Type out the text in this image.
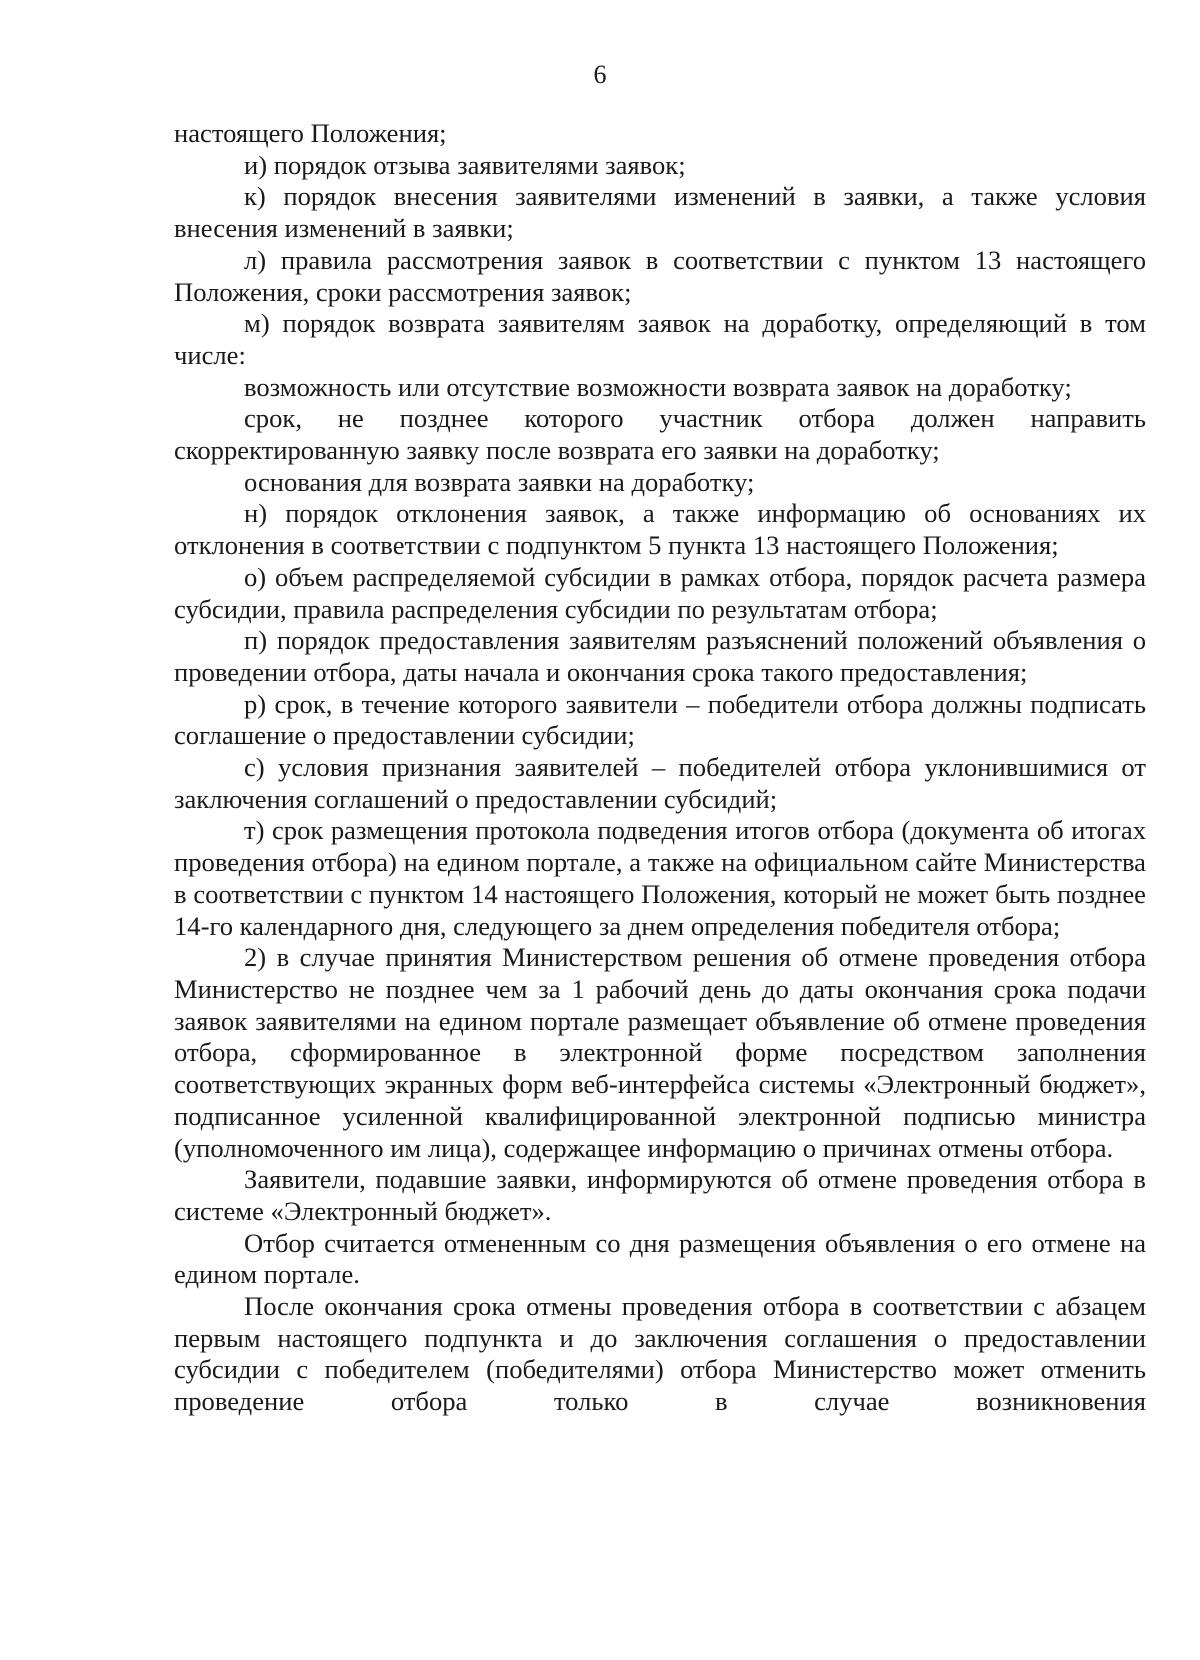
6

настоящего Положения;

и) порядок отзыва заявителями заявок;

к) порядок внесения заявителями изменений в заявки, а также условия внесения изменений в заявки;

л) правила рассмотрения заявок в соответствии с пунктом 13 настоящего Положения, сроки рассмотрения заявок;

м) порядок возврата заявителям заявок на доработку, определяющий в том числе:

возможность или отсутствие возможности возврата заявок на доработку;

срок, не позднее которого участник отбора должен направить скорректированную заявку после возврата его заявки на доработку;

основания для возврата заявки на доработку;

н) порядок отклонения заявок, а также информацию об основаниях их отклонения в соответствии с подпунктом 5 пункта 13 настоящего Положения;

о) объем распределяемой субсидии в рамках отбора, порядок расчета размера субсидии, правила распределения субсидии по результатам отбора;

п) порядок предоставления заявителям разъяснений положений объявления о проведении отбора, даты начала и окончания срока такого предоставления;

р) срок, в течение которого заявители – победители отбора должны подписать соглашение о предоставлении субсидии;

с) условия признания заявителей – победителей отбора уклонившимися от заключения соглашений о предоставлении субсидий;

т) срок размещения протокола подведения итогов отбора (документа об итогах проведения отбора) на едином портале, а также на официальном сайте Министерства в соответствии с пунктом 14 настоящего Положения, который не может быть позднее 14-го календарного дня, следующего за днем определения победителя отбора;

2) в случае принятия Министерством решения об отмене проведения отбора Министерство не позднее чем за 1 рабочий день до даты окончания срока подачи заявок заявителями на едином портале размещает объявление об отмене проведения отбора, сформированное в электронной форме посредством заполнения соответствующих экранных форм веб-интерфейса системы «Электронный бюджет», подписанное усиленной квалифицированной электронной подписью министра (уполномоченного им лица), содержащее информацию о причинах отмены отбора.

Заявители, подавшие заявки, информируются об отмене проведения отбора в системе «Электронный бюджет».

Отбор считается отмененным со дня размещения объявления о его отмене на едином портале.

После окончания срока отмены проведения отбора в соответствии с абзацем первым настоящего подпункта и до заключения соглашения о предоставлении субсидии с победителем (победителями) отбора Министерство может отменить проведение отбора только в случае возникновения
